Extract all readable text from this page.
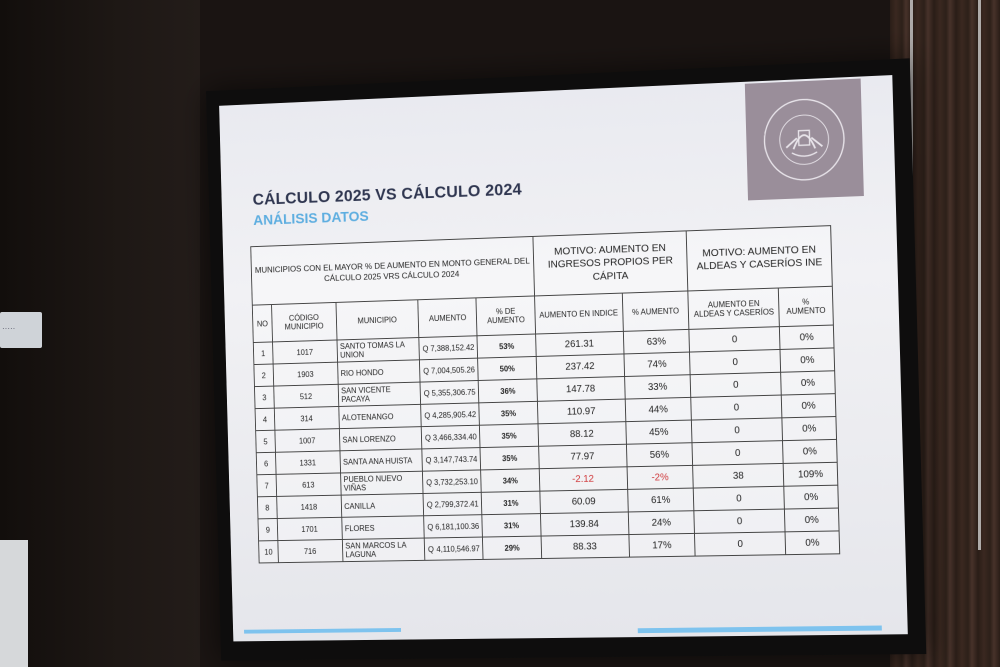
·····
CÁLCULO 2025 VS CÁLCULO 2024
ANÁLISIS DATOS
MUNICIPIOS CON EL MAYOR % DE AUMENTO EN MONTO GENERAL DEL CÁLCULO 2025 VRS CÁLCULO 2024					MOTIVO: AUMENTO EN INGRESOS PROPIOS PER CÁPITA		MOTIVO: AUMENTO EN ALDEAS Y CASERÍOS INE	
NO	CÓDIGO MUNICIPIO	MUNICIPIO	AUMENTO	% DE AUMENTO	AUMENTO EN INDICE	% AUMENTO	AUMENTO EN ALDEAS Y CASERÍOS	% AUMENTO
1	1017	SANTO TOMAS LA UNION	Q 7,388,152.42	53%	261.31	63%	0	0%
2	1903	RIO HONDO	Q 7,004,505.26	50%	237.42	74%	0	0%
3	512	SAN VICENTE PACAYA	Q 5,355,306.75	36%	147.78	33%	0	0%
4	314	ALOTENANGO	Q 4,285,905.42	35%	110.97	44%	0	0%
5	1007	SAN LORENZO	Q 3,466,334.40	35%	88.12	45%	0	0%
6	1331	SANTA ANA HUISTA	Q 3,147,743.74	35%	77.97	56%	0	0%
7	613	PUEBLO NUEVO VIÑAS	Q 3,732,253.10	34%	-2.12	-2%	38	109%
8	1418	CANILLA	Q 2,799,372.41	31%	60.09	61%	0	0%
9	1701	FLORES	Q 6,181,100.36	31%	139.84	24%	0	0%
10	716	SAN MARCOS LA LAGUNA	Q 4,110,546.97	29%	88.33	17%	0	0%
